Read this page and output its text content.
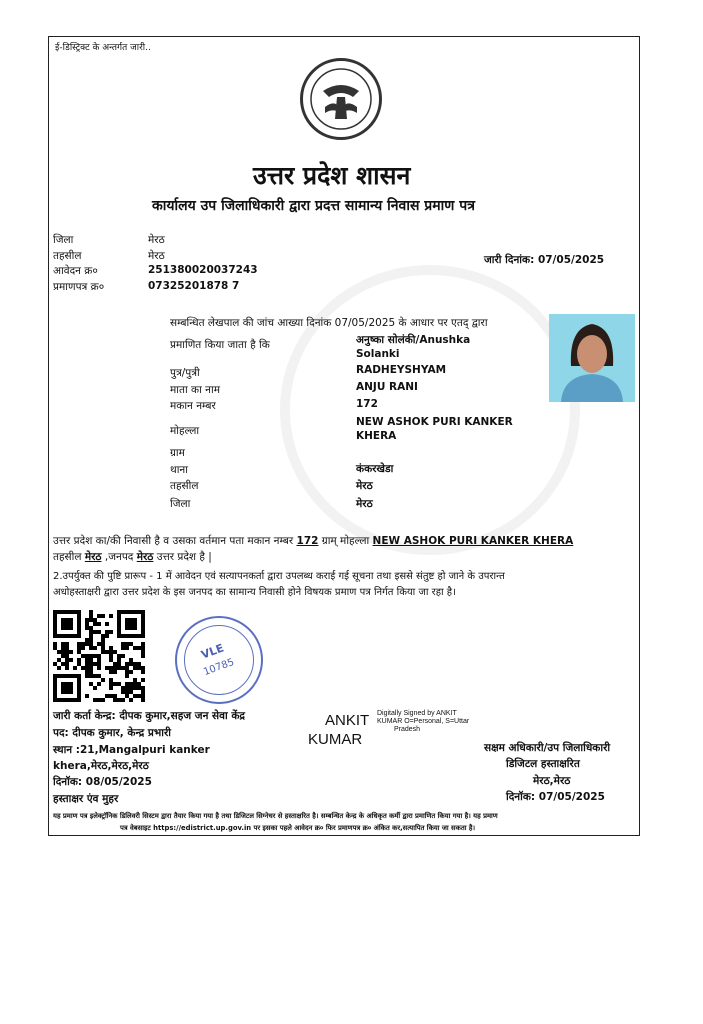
ई-डिस्ट्रिक्ट के अन्तर्गत जारी..
उत्तर प्रदेश शासन
कार्यालय उप जिलाधिकारी द्वारा प्रदत्त सामान्य निवास प्रमाण पत्र
जिला	मेरठ
तहसील	मेरठ
आवेदन क्र०	251380020037243
प्रमाणपत्र क्र०	07325201878 7
जारी दिनांक: 07/05/2025
सम्बन्धित लेखपाल की जांच आख्या दिनांक 07/05/2025 के आधार पर एतद् द्वारा
प्रमाणित किया जाता है कि	अनुष्का सोलंकी/Anushka
Solanki
पुत्र/पुत्री	RADHEYSHYAM
माता का नाम	ANJU RANI
मकान नम्बर	172
मोहल्ला
NEW ASHOK PURI KANKER
KHERA
ग्राम
थाना	कंकरखेडा
तहसील	मेरठ
जिला	मेरठ
उत्तर प्रदेश का/की निवासी है व उसका वर्तमान पता मकान नम्बर 172 ग्राम् मोहल्ला NEW ASHOK PURI KANKER KHERA
तहसील मेरठ ,जनपद मेरठ उत्तर प्रदेश है |
2.उपर्युक्त की पुष्टि प्रारूप - 1 में आवेदन एवं सत्यापनकर्ता द्वारा उपलब्ध कराई गई सूचना तथा इससे संतुष्ट हो जाने के उपरान्त
अधोहस्ताक्षरी द्वारा उत्तर प्रदेश के इस जनपद का सामान्य निवासी होने विषयक प्रमाण पत्र निर्गत किया जा रहा है।
VLE
10785
जारी कर्ता केन्द्र: दीपक कुमार,सहज जन सेवा केंद्र
पद: दीपक कुमार, केन्द्र प्रभारी
स्थान :21,Mangalpuri kanker
khera,मेरठ,मेरठ,मेरठ
दिनॉक: 08/05/2025
हस्ताक्षर एंव मुहर
ANKIT
KUMAR
Digitally Signed by ANKIT
KUMAR O=Personal, S=Uttar
Pradesh
सक्षम अधिकारी/उप जिलाधिकारी
डिजिटल हस्ताक्षरित
मेरठ,मेरठ
दिनॉक: 07/05/2025
यह प्रमाण पत्र इलेक्ट्रॉनिक डिलिवरी सिस्टम द्वारा तैयार किया गया है तथा डिजिटल सिग्नेचर से हस्ताक्षरित है। सम्बन्धित केन्द्र के अधिकृत कर्मी द्वारा प्रमाणित किया गया है। यह प्रमाण
पत्र वेबसाइट https://edistrict.up.gov.in पर इसका पहले आवेदन क्र० फिर प्रमाणपत्र क्र० अंकित कर,सत्यापित किया जा सकता है।
